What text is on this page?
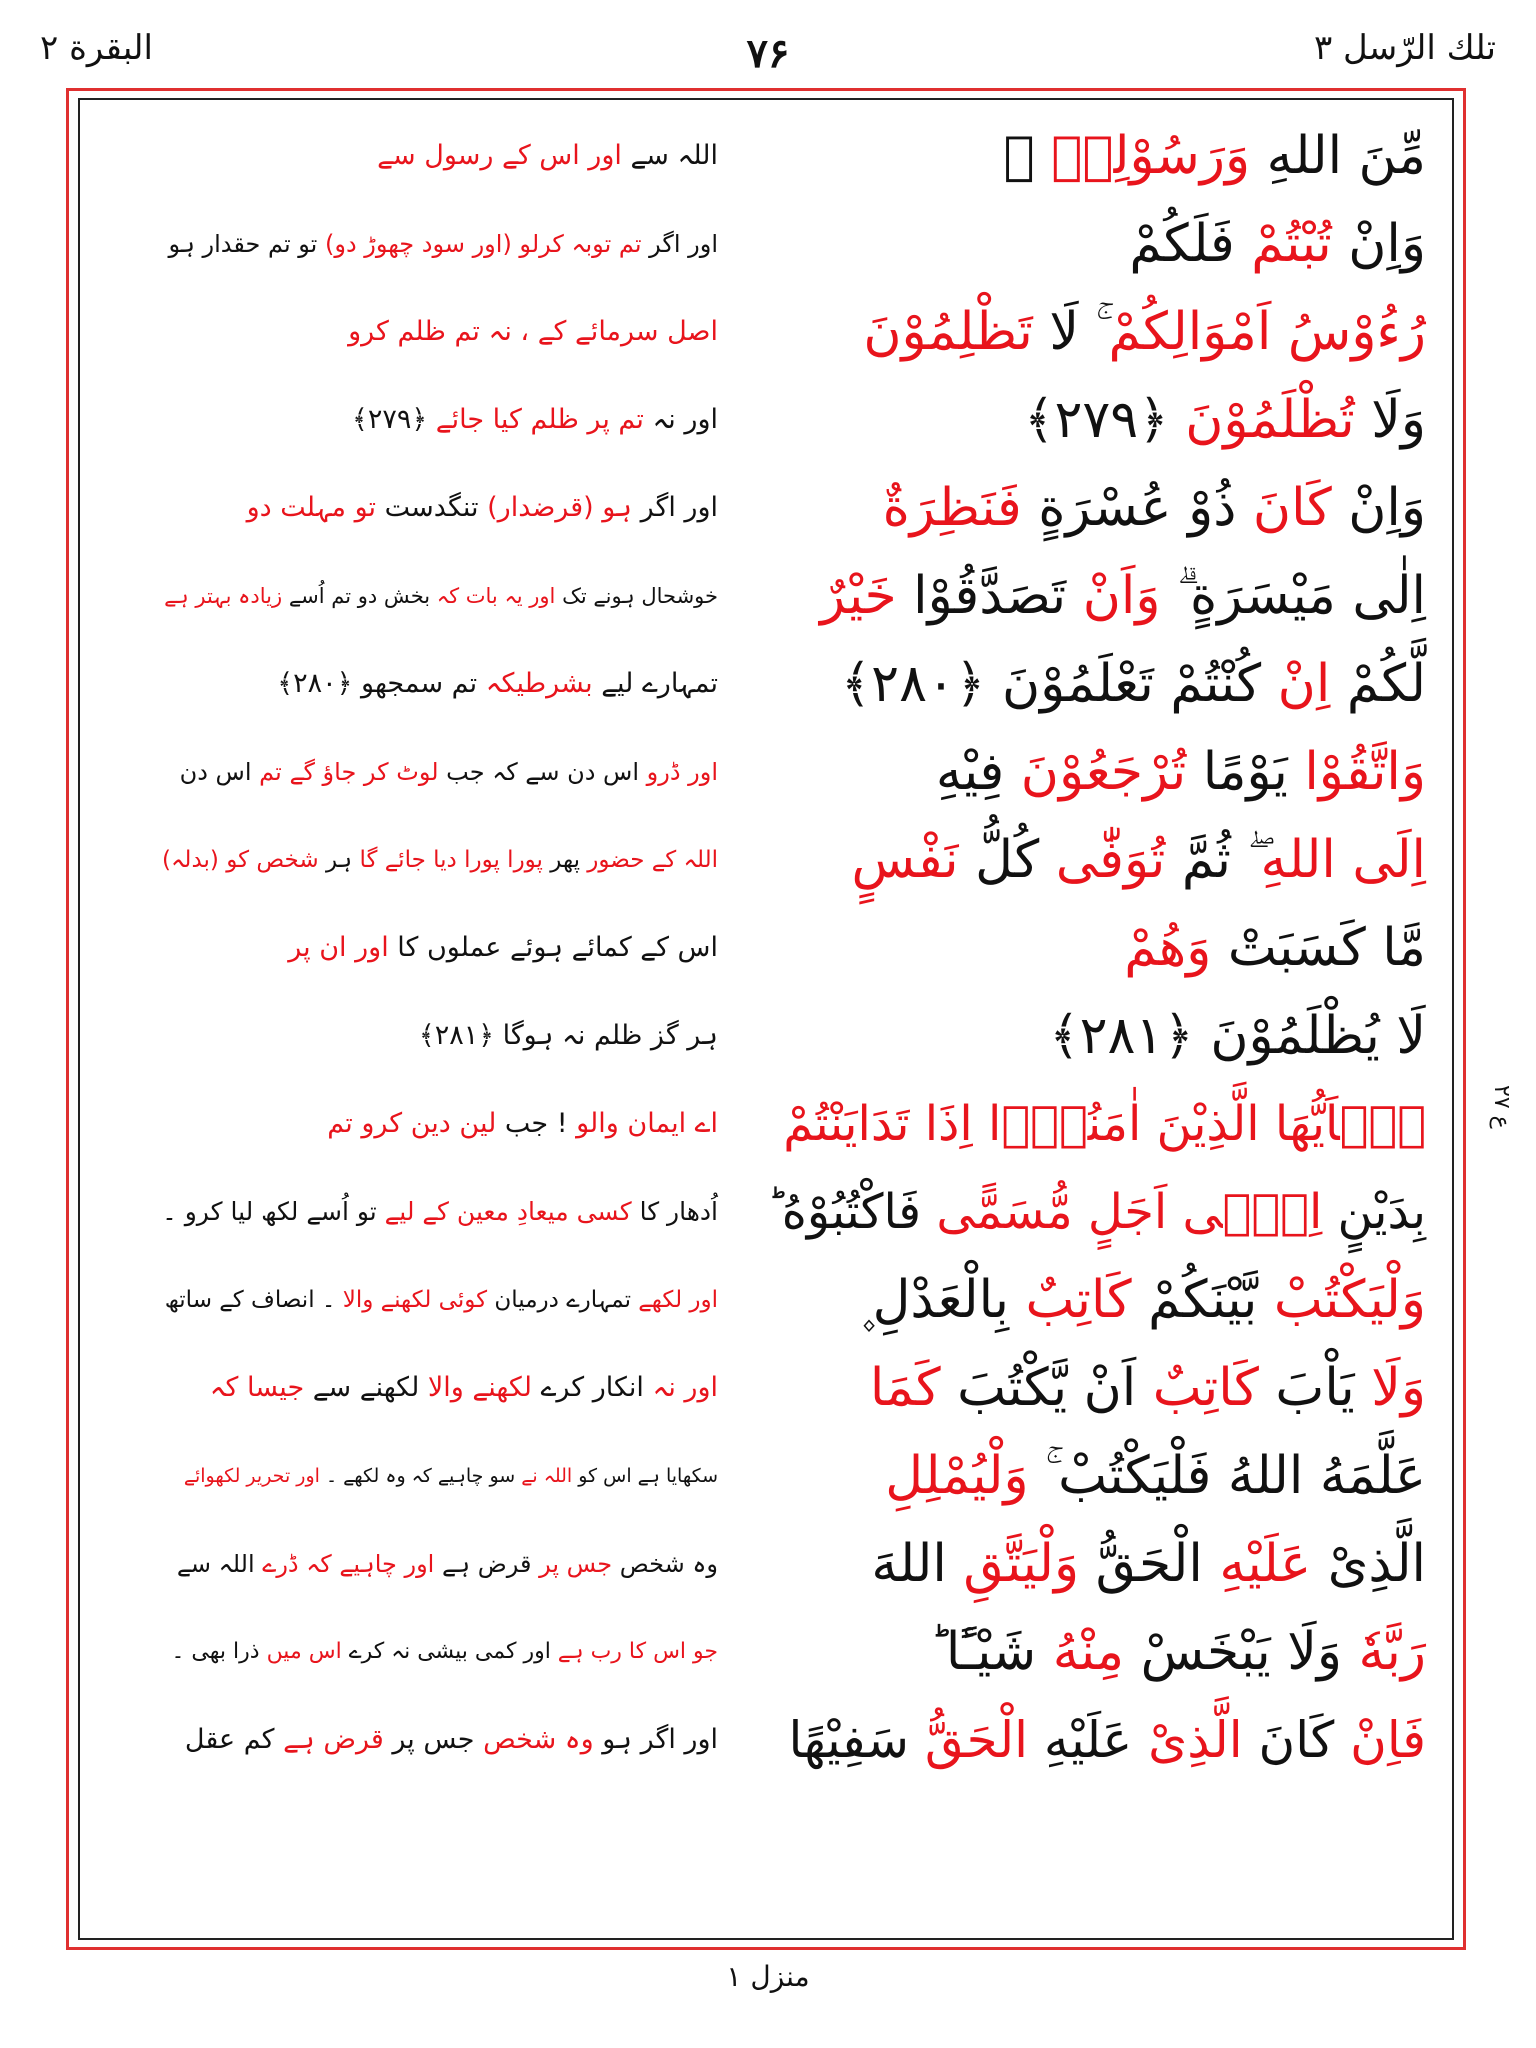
البقرة ۲	۷۶	تلك الرّسل ۳
مِّنَ اللهِ وَرَسُوْلِهٖ ۚ
اللہ سے اور اس کے رسول سے
وَاِنْ تُبْتُمْ فَلَكُمْ
اور اگر تم توبہ کرلو (اور سود چھوڑ دو) تو تم حقدار ہو
رُءُوْسُ اَمْوَالِكُمْ ۚ لَا تَظْلِمُوْنَ
اصل سرمائے کے ، نہ تم ظلم کرو
وَلَا تُظْلَمُوْنَ ﴿۲۷۹﴾
اور نہ تم پر ظلم کیا جائے ﴿۲۷۹﴾
وَاِنْ كَانَ ذُوْ عُسْرَةٍ فَنَظِرَةٌ
اور اگر ہو (قرضدار) تنگدست تو مہلت دو
اِلٰى مَيْسَرَةٍ ۗ وَاَنْ تَصَدَّقُوْا خَيْرٌ
خوشحال ہونے تک اور یہ بات کہ بخش دو تم اُسے زیادہ بہتر ہے
لَّكُمْ اِنْ كُنْتُمْ تَعْلَمُوْنَ ﴿۲۸۰﴾
تمہارے لیے بشرطیکہ تم سمجھو ﴿۲۸۰﴾
وَاتَّقُوْا يَوْمًا تُرْجَعُوْنَ فِيْهِ
اور ڈرو اس دن سے کہ جب لوٹ کر جاؤ گے تم اس دن
اِلَى اللهِ ۖ ثُمَّ تُوَفّٰى كُلُّ نَفْسٍ
اللہ کے حضور پھر پورا پورا دیا جائے گا ہر شخص کو (بدلہ)
مَّا كَسَبَتْ وَهُمْ
اس کے کمائے ہوئے عملوں کا اور ان پر
لَا يُظْلَمُوْنَ ﴿۲۸۱﴾
ہر گز ظلم نہ ہوگا ﴿۲۸۱﴾
يٰۤاَيُّهَا الَّذِيْنَ اٰمَنُوْۤا اِذَا تَدَايَنْتُمْ
اے ایمان والو ! جب لین دین کرو تم
بِدَيْنٍ اِلٰۤى اَجَلٍ مُّسَمًّى فَاكْتُبُوْهُ ؕ
اُدھار کا کسی میعادِ معین کے لیے تو اُسے لکھ لیا کرو ۔
وَلْيَكْتُبْ بَّيْنَكُمْ كَاتِبٌ بِالْعَدْلِ ۪
اور لکھے تمہارے درمیان کوئی لکھنے والا ۔ انصاف کے ساتھ
وَلَا يَاْبَ كَاتِبٌ اَنْ يَّكْتُبَ كَمَا
اور نہ انکار کرے لکھنے والا لکھنے سے جیسا کہ
عَلَّمَهُ اللهُ فَلْيَكْتُبْ ۚ وَلْيُمْلِلِ
سکھایا ہے اس کو اللہ نے سو چاہیے کہ وہ لکھے ۔ اور تحریر لکھوائے
الَّذِىْ عَلَيْهِ الْحَقُّ وَلْيَتَّقِ اللهَ
وہ شخص جس پر قرض ہے اور چاہیے کہ ڈرے اللہ سے
رَبَّهٗ وَلَا يَبْخَسْ مِنْهُ شَيْـًٔا ؕ
جو اس کا رب ہے اور کمی بیشی نہ کرے اس میں ذرا بھی ۔
فَاِنْ كَانَ الَّذِىْ عَلَيْهِ الْحَقُّ سَفِيْهًا
اور اگر ہو وہ شخص جس پر قرض ہے کم عقل
ع ۲۷
منزل ۱
